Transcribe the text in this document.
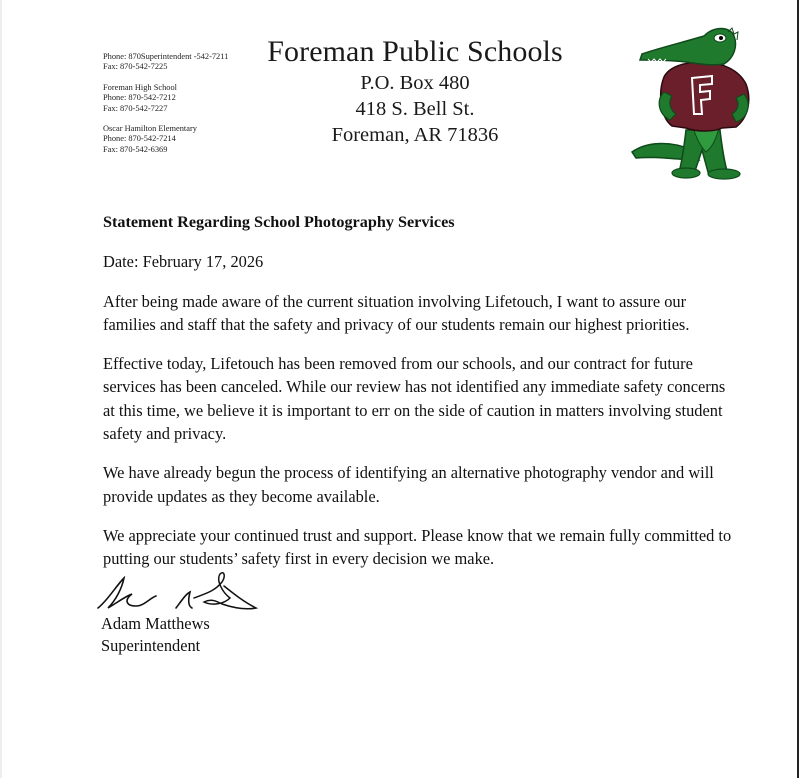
Phone: 870Superintendent -542-7211
Fax: 870-542-7225
Foreman High School
Phone: 870-542-7212
Fax: 870-542-7227
Oscar Hamilton Elementary
Phone: 870-542-7214
Fax: 870-542-6369
Foreman Public Schools
P.O. Box 480
418 S. Bell St.
Foreman, AR 71836
Statement Regarding School Photography Services
Date: February 17, 2026
After being made aware of the current situation involving Lifetouch, I want to assure our families and staff that the safety and privacy of our students remain our highest priorities.
Effective today, Lifetouch has been removed from our schools, and our contract for future services has been canceled. While our review has not identified any immediate safety concerns at this time, we believe it is important to err on the side of caution in matters involving student safety and privacy.
We have already begun the process of identifying an alternative photography vendor and will provide updates as they become available.
We appreciate your continued trust and support. Please know that we remain fully committed to putting our students’ safety first in every decision we make.
Adam Matthews
Superintendent
